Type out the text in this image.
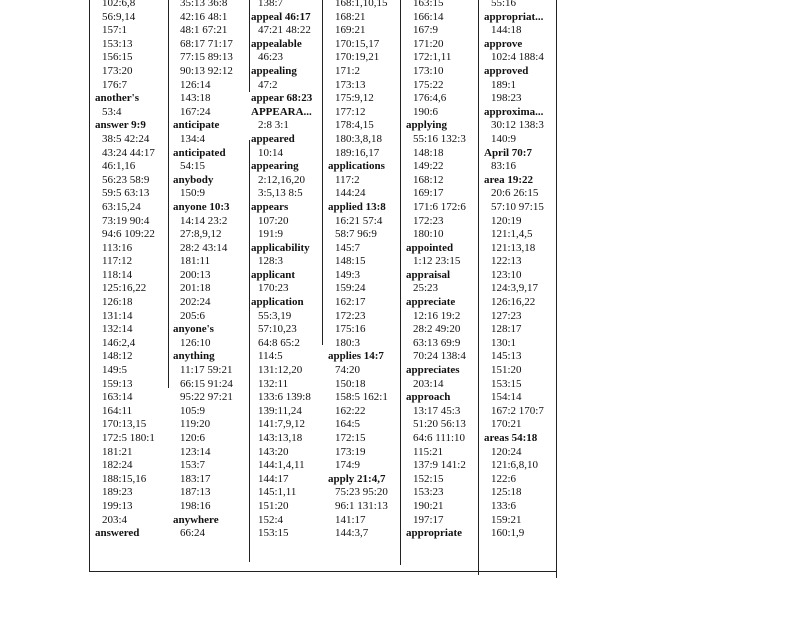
102:6,8
56:9,14
157:1
153:13
156:15
173:20
176:7
another's
53:4
answer 9:9
38:5 42:24
43:24 44:17
46:1,16
56:23 58:9
59:5 63:13
63:15,24
73:19 90:4
94:6 109:22
113:16
117:12
118:14
125:16,22
126:18
131:14
132:14
146:2,4
148:12
149:5
159:13
163:14
164:11
170:13,15
172:5 180:1
181:21
182:24
188:15,16
189:23
199:13
203:4
answered
35:13 36:8
42:16 48:1
48:1 67:21
68:17 71:17
77:15 89:13
90:13 92:12
126:14
143:18
167:24
anticipate
134:4
anticipated
54:15
anybody
150:9
anyone 10:3
14:14 23:2
27:8,9,12
28:2 43:14
181:11
200:13
201:18
202:24
205:6
anyone's
126:10
anything
11:17 59:21
66:15 91:24
95:22 97:21
105:9
119:20
120:6
123:14
153:7
183:17
187:13
198:16
anywhere
66:24
138:7
appeal 46:17
47:21 48:22
appealable
46:23
appealing
47:2
appear 68:23
APPEARA...
2:8 3:1
appeared
10:14
appearing
2:12,16,20
3:5,13 8:5
appears
107:20
191:9
applicability
128:3
applicant
170:23
application
55:3,19
57:10,23
64:8 65:2
114:5
131:12,20
132:11
133:6 139:8
139:11,24
141:7,9,12
143:13,18
143:20
144:1,4,11
144:17
145:1,11
151:20
152:4
153:15
168:1,10,15
168:21
169:21
170:15,17
170:19,21
171:2
173:13
175:9,12
177:12
178:4,15
180:3,8,18
189:16,17
applications
117:2
144:24
applied 13:8
16:21 57:4
58:7 96:9
145:7
148:15
149:3
159:24
162:17
172:23
175:16
180:3
applies 14:7
74:20
150:18
158:5 162:1
162:22
164:5
172:15
173:19
174:9
apply 21:4,7
75:23 95:20
96:1 131:13
141:17
144:3,7
163:15
166:14
167:9
171:20
172:1,11
173:10
175:22
176:4,6
190:6
applying
55:16 132:3
148:18
149:22
168:12
169:17
171:6 172:6
172:23
180:10
appointed
1:12 23:15
appraisal
25:23
appreciate
12:16 19:2
28:2 49:20
63:13 69:9
70:24 138:4
appreciates
203:14
approach
13:17 45:3
51:20 56:13
64:6 111:10
115:21
137:9 141:2
152:15
153:23
190:21
197:17
appropriate
55:16
appropriat...
144:18
approve
102:4 188:4
approved
189:1
198:23
approxima...
30:12 138:3
140:9
April 70:7
83:16
area 19:22
20:6 26:15
57:10 97:15
120:19
121:1,4,5
121:13,18
122:13
123:10
124:3,9,17
126:16,22
127:23
128:17
130:1
145:13
151:20
153:15
154:14
167:2 170:7
170:21
areas 54:18
120:24
121:6,8,10
122:6
125:18
133:6
159:21
160:1,9
